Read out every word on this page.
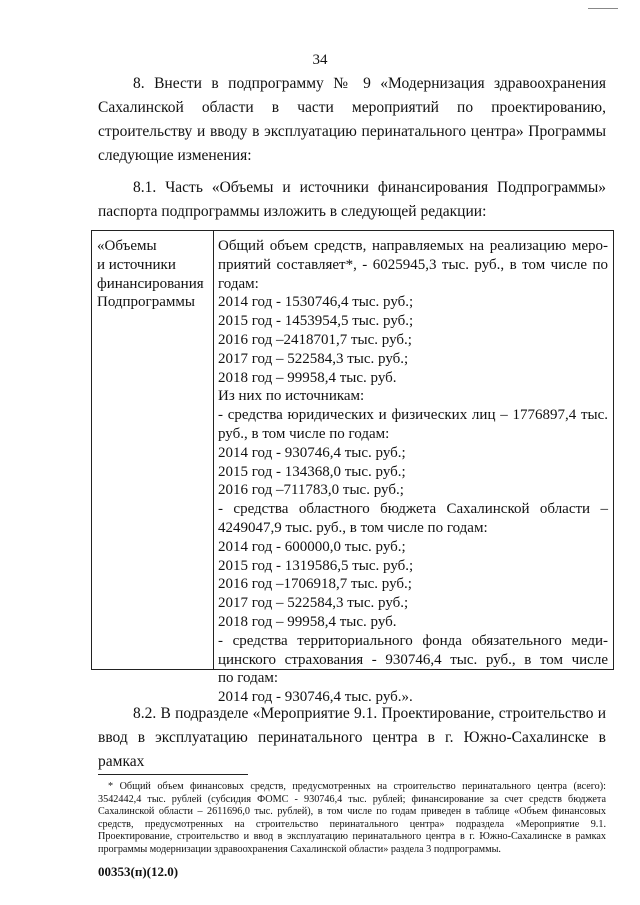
34

8. Внести в подпрограмму № 9 «Модернизация здравоохранения Сахалинской области в части мероприятий по проектированию, строительству и вводу в эксплуатацию перинатального центра» Программы следующие изменения:

8.1. Часть «Объемы и источники финансирования Подпрограммы» паспорта подпрограммы изложить в следующей редакции:

«Объемы
и источники
финансирования
Подпрограммы
Общий объем средств, направляемых на реализацию меро-
приятий составляет*, - 6025945,3 тыс. руб., в том числе по
годам:
2014 год - 1530746,4 тыс. руб.;
2015 год - 1453954,5 тыс. руб.;
2016 год –2418701,7 тыс. руб.;
2017 год – 522584,3 тыс. руб.;
2018 год – 99958,4 тыс. руб.
Из них по источникам:
- средства юридических и физических лиц – 1776897,4 тыс.
руб., в том числе по годам:
2014 год - 930746,4 тыс. руб.;
2015 год - 134368,0 тыс. руб.;
2016 год –711783,0 тыс. руб.;
- средства областного бюджета Сахалинской области –
4249047,9 тыс. руб., в том числе по годам:
2014 год - 600000,0 тыс. руб.;
2015 год - 1319586,5 тыс. руб.;
2016 год –1706918,7 тыс. руб.;
2017 год – 522584,3 тыс. руб.;
2018 год – 99958,4 тыс. руб.
- средства территориального фонда обязательного меди-
цинского страхования - 930746,4 тыс. руб., в том числе
по годам:
2014 год - 930746,4 тыс. руб.».

8.2. В подразделе «Мероприятие 9.1. Проектирование, строительство и ввод в эксплуатацию перинатального центра в г. Южно-Сахалинске в рамках

* Общий объем финансовых средств, предусмотренных на строительство перинатального центра (всего): 3542442,4 тыс. рублей (субсидия ФОМС - 930746,4 тыс. рублей; финансирование за счет средств бюджета Сахалинской области – 2611696,0 тыс. рублей), в том числе по годам приведен в таблице «Объем финансовых средств, предусмотренных на строительство перинатального центра» подраздела «Мероприятие 9.1. Проектирование, строительство и ввод в эксплуатацию перинатального центра в г. Южно-Сахалинске в рамках программы модернизации здравоохранения Сахалинской области» раздела 3 подпрограммы.

00353(п)(12.0)
